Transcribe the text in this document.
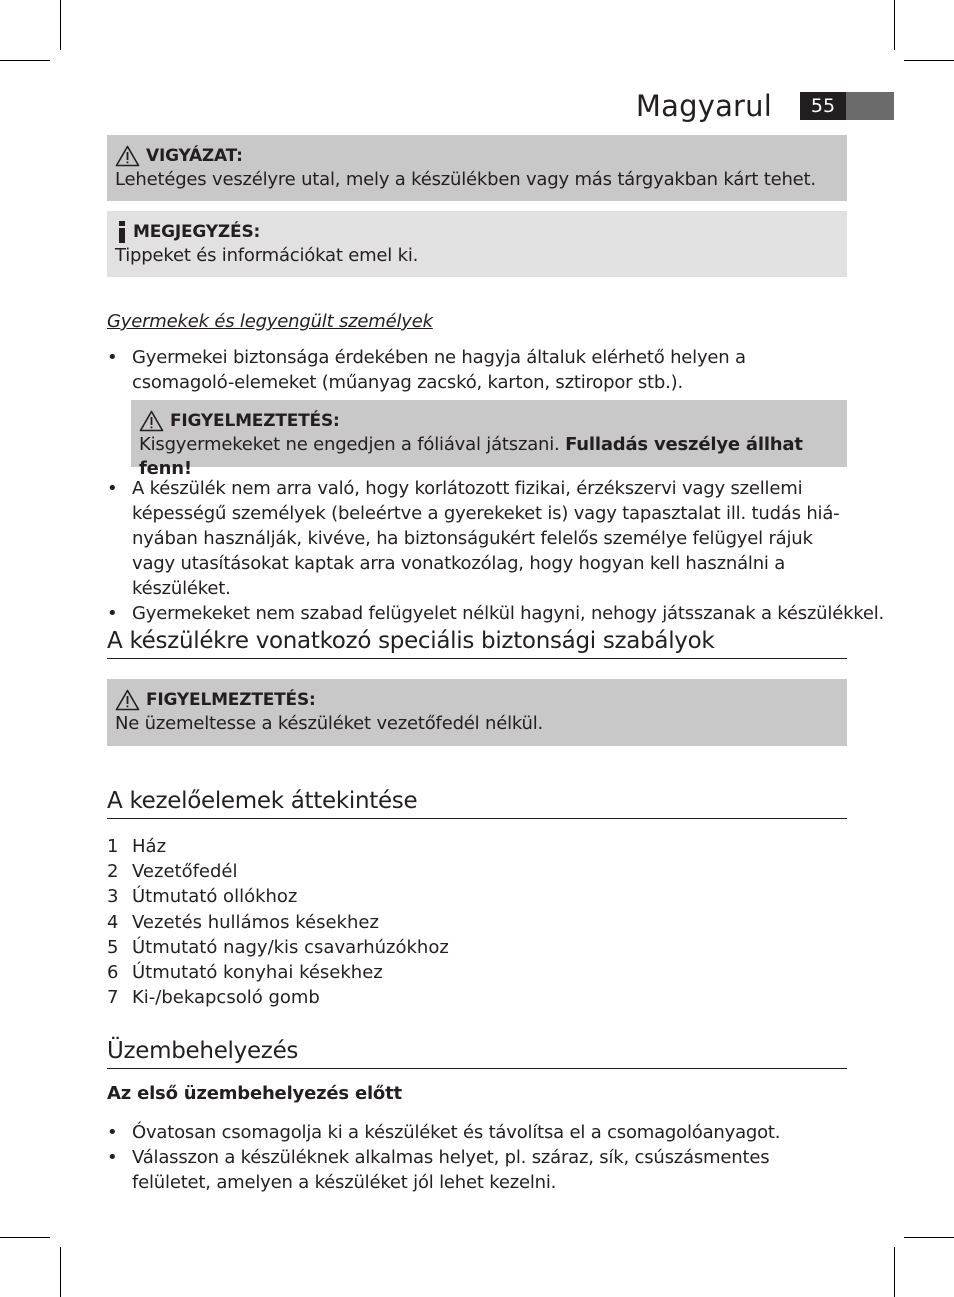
Magyarul	55
VIGYÁZAT:
Lehetéges veszélyre utal, mely a készülékben vagy más tárgyakban kárt tehet.
MEGJEGYZÉS:
Tippeket és információkat emel ki.
Gyermekek és legyengült személyek
• Gyermekei biztonsága érdekében ne hagyja általuk elérhető helyen a csomagoló-elemeket (műanyag zacskó, karton, sztiropor stb.).
FIGYELMEZTETÉS:
Kisgyermekeket ne engedjen a fóliával játszani. Fulladás veszélye állhat fenn!
• A készülék nem arra való, hogy korlátozott fizikai, érzékszervi vagy szellemi képességű személyek (beleértve a gyerekeket is) vagy tapasztalat ill. tudás hiá-nyában használják, kivéve, ha biztonságukért felelős személye felügyel rájuk vagy utasításokat kaptak arra vonatkozólag, hogy hogyan kell használni a készüléket.
• Gyermekeket nem szabad felügyelet nélkül hagyni, nehogy játsszanak a készülékkel.
A készülékre vonatkozó speciális biztonsági szabályok
FIGYELMEZTETÉS:
Ne üzemeltesse a készüléket vezetőfedél nélkül.
A kezelőelemek áttekintése
1 Ház
2 Vezetőfedél
3 Útmutató ollókhoz
4 Vezetés hullámos késekhez
5 Útmutató nagy/kis csavarhúzókhoz
6 Útmutató konyhai késekhez
7 Ki-/bekapcsoló gomb
Üzembehelyezés
Az első üzembehelyezés előtt
• Óvatosan csomagolja ki a készüléket és távolítsa el a csomagolóanyagot.
• Válasszon a készüléknek alkalmas helyet, pl. száraz, sík, csúszásmentes felületet, amelyen a készüléket jól lehet kezelni.
